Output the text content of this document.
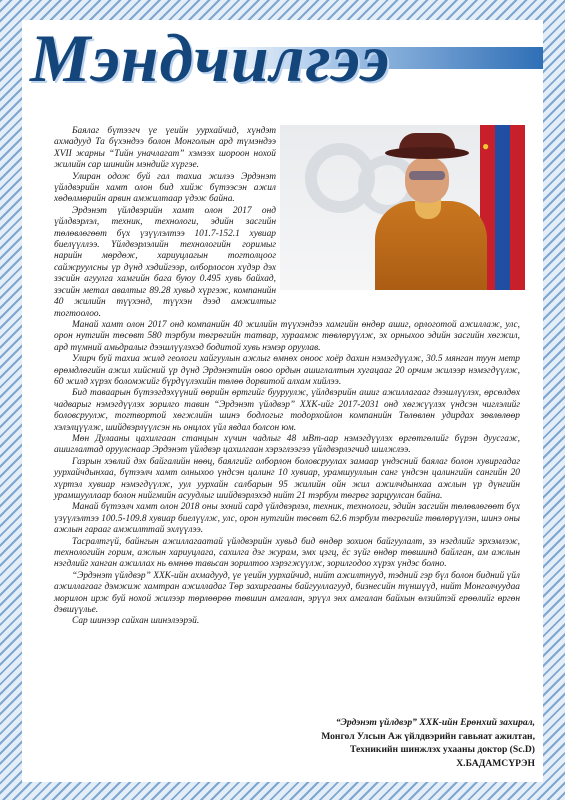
Мэндчилгээ
●

Баялаг бүтээгч үе үеийн уурхайчид, хүндэт ахмадууд Та бүхэндээ болон Монголын ард түмэндээ XVII жарны “Тийн уначлагат” хэмээх шороон нохой жилийн сар шинийн мэндийг хүргэе.

Улиран одож буй гал тахиа жилээ Эрдэнэт үйлдвэрийн хамт олон бид хийж бүтээсэн ажил хөдөлмөрийн арвин амжилтаар үдэж байна.

Эрдэнэт үйлдвэрийн хамт олон 2017 онд үйлдвэрлэл, техник, технологи, эдийн засгийн төлөвлөгөөт бүх үзүүлэлтээ 101.7-152.1 хувиар биелүүллээ. Үйлдвэрлэлийн технологийн горимыг нарийн мөрдөж, хариуцлагын тогтолцоог сайжруулсны үр дүнд хэдийгээр, олборлосон хүдэр дэх зэсийн агуулга хамгийн бага буюу 0.495 хувь байхад, зэсийн метал авалтыг 89.28 хувьд хүргэж, компанийн 40 жилийн түүхэнд, түүхэн дээд амжилтыг тогтоолоо.

Манай хамт олон 2017 онд компанийн 40 жилийн түүхэндээ хамгийн өндөр ашиг, орлоготой ажиллаж, улс, орон нутгийн төсөвт 580 тэрбум төгрөгийн татвар, хураамж төвлөрүүлж, эх орныхоо эдийн засгийн хөгжил, ард түмний амьдралыг дээшлүүлэхэд бодитой хувь нэмэр оруулав.

Улирч буй тахиа жилд геологи хайгуулын ажлыг өмнөх оноос хоёр дахин нэмэгдүүлж, 30.5 мянган туун метр өрөмдлөгийн ажил хийсний үр дүнд Эрдэнэтийн овоо ордын ашиглалтын хугацааг 20 орчим жилээр нэмэгдүүлж, 60 жилд хүрэх боломжийг бүрдүүлэхийн төлөө дорвитой алхам хийлээ.

Бид таваарын бүтээгдэхүүний өөрийн өртгийг бууруулж, үйлдвэрийн ашиг ажиллагааг дээшлүүлэх, өрсөлдөх чадварыг нэмэгдүүлэх зорилго тавин “Эрдэнэт үйлдвэр” ХХК-ийг 2017-2031 онд хөгжүүлэх үндсэн чиглэлийг боловсруулж, тогтвортой хөгжлийн шинэ бодлогыг тодорхойлон компанийн Төлөвлөн удирдах зөвлөлөөр хэлэлцүүлж, шийдвэрлүүлсэн нь онцлох үйл явдал болсон юм.

Мөн Дулааны цахилгаан станцын хүчин чадлыг 48 мВт-аар нэмэгдүүлэх өргөтгөлийг бүрэн дуусгаж, ашиглалтад оруулснаар Эрдэнэт үйлдвэр цахилгаан хэрэглээгээ үйлдвэрлэгчид шилжлээ.

Газрын хэвлий дэх байгалийн нөөц, баялгийг олборлон боловсруулах замаар үндэсний баялаг болон хувиргадаг уурхайчдынхаа, бүтээлч хамт олныхоо үндсэн цалинг 10 хувиар, урамшууллын санг үндсэн цалингийн сангийн 20 хүртэл хувиар нэмэгдүүлж, уул уурхайн салбарын 95 жилийн ойн жил ажилчдынхаа ажлын үр дүнгийн урамшууллаар болон нийгмийн асуудлыг шийдвэрлэхэд нийт 21 тэрбум төгрөг зарцуулсан байна.

Манай бүтээлч хамт олон 2018 оны эхний сард үйлдвэрлэл, техник, технологи, эдийн засгийн төлөвлөгөөт бүх үзүүлэлтээ 100.5-109.8 хувиар биелүүлж, улс, орон нутгийн төсөвт 62.6 тэрбум төгрөгийг төвлөрүүлэн, шинэ оны ажлын гарааг амжилттай эхлүүлээ.

Тасралтгүй, байнгын ажиллагаатай үйлдвэрийн хувьд бид өндөр зохион байгуулалт, зэ нэгдлийг эрхэмлэж, технологийн горим, ажлын хариуцлага, сахилга дэг журам, эмх цэгц, ёс зүйг өндөр төвшинд байлган, ам ажлын нэгдлийг ханган ажиллах нь өмнөө тавьсан зорилтоо хэрэгжүүлж, зорилгодоо хүрэх үндэс болно.

“Эрдэнэт үйлдвэр” ХХК-ийн ахмадууд, үе үеийн уурхайчид, нийт ажилтнууд, тэдний гэр бүл болон бидний үйл ажиллагааг дэмжиж хамтран ажилладаг Төр захиргааны байгууллагууд, бизнесийн түншүүд, нийт Монголчуудаа морилон ирж буй нохой жилээр төрлөөрөө төвшин амгалан, эрүүл энх амгалан байхын өлзийтэй ерөөлийг өргөн дэвшүүлье.

Сар шинээр сайхан шинэлээрэй.

“Эрдэнэт үйлдвэр” ХХК-ийн Ерөнхий захирал,
Монгол Улсын Аж үйлдвэрийн гавьяат ажилтан,
Техникийн шинжлэх ухааны доктор (Sc.D)
Х.БАДАМСҮРЭН
